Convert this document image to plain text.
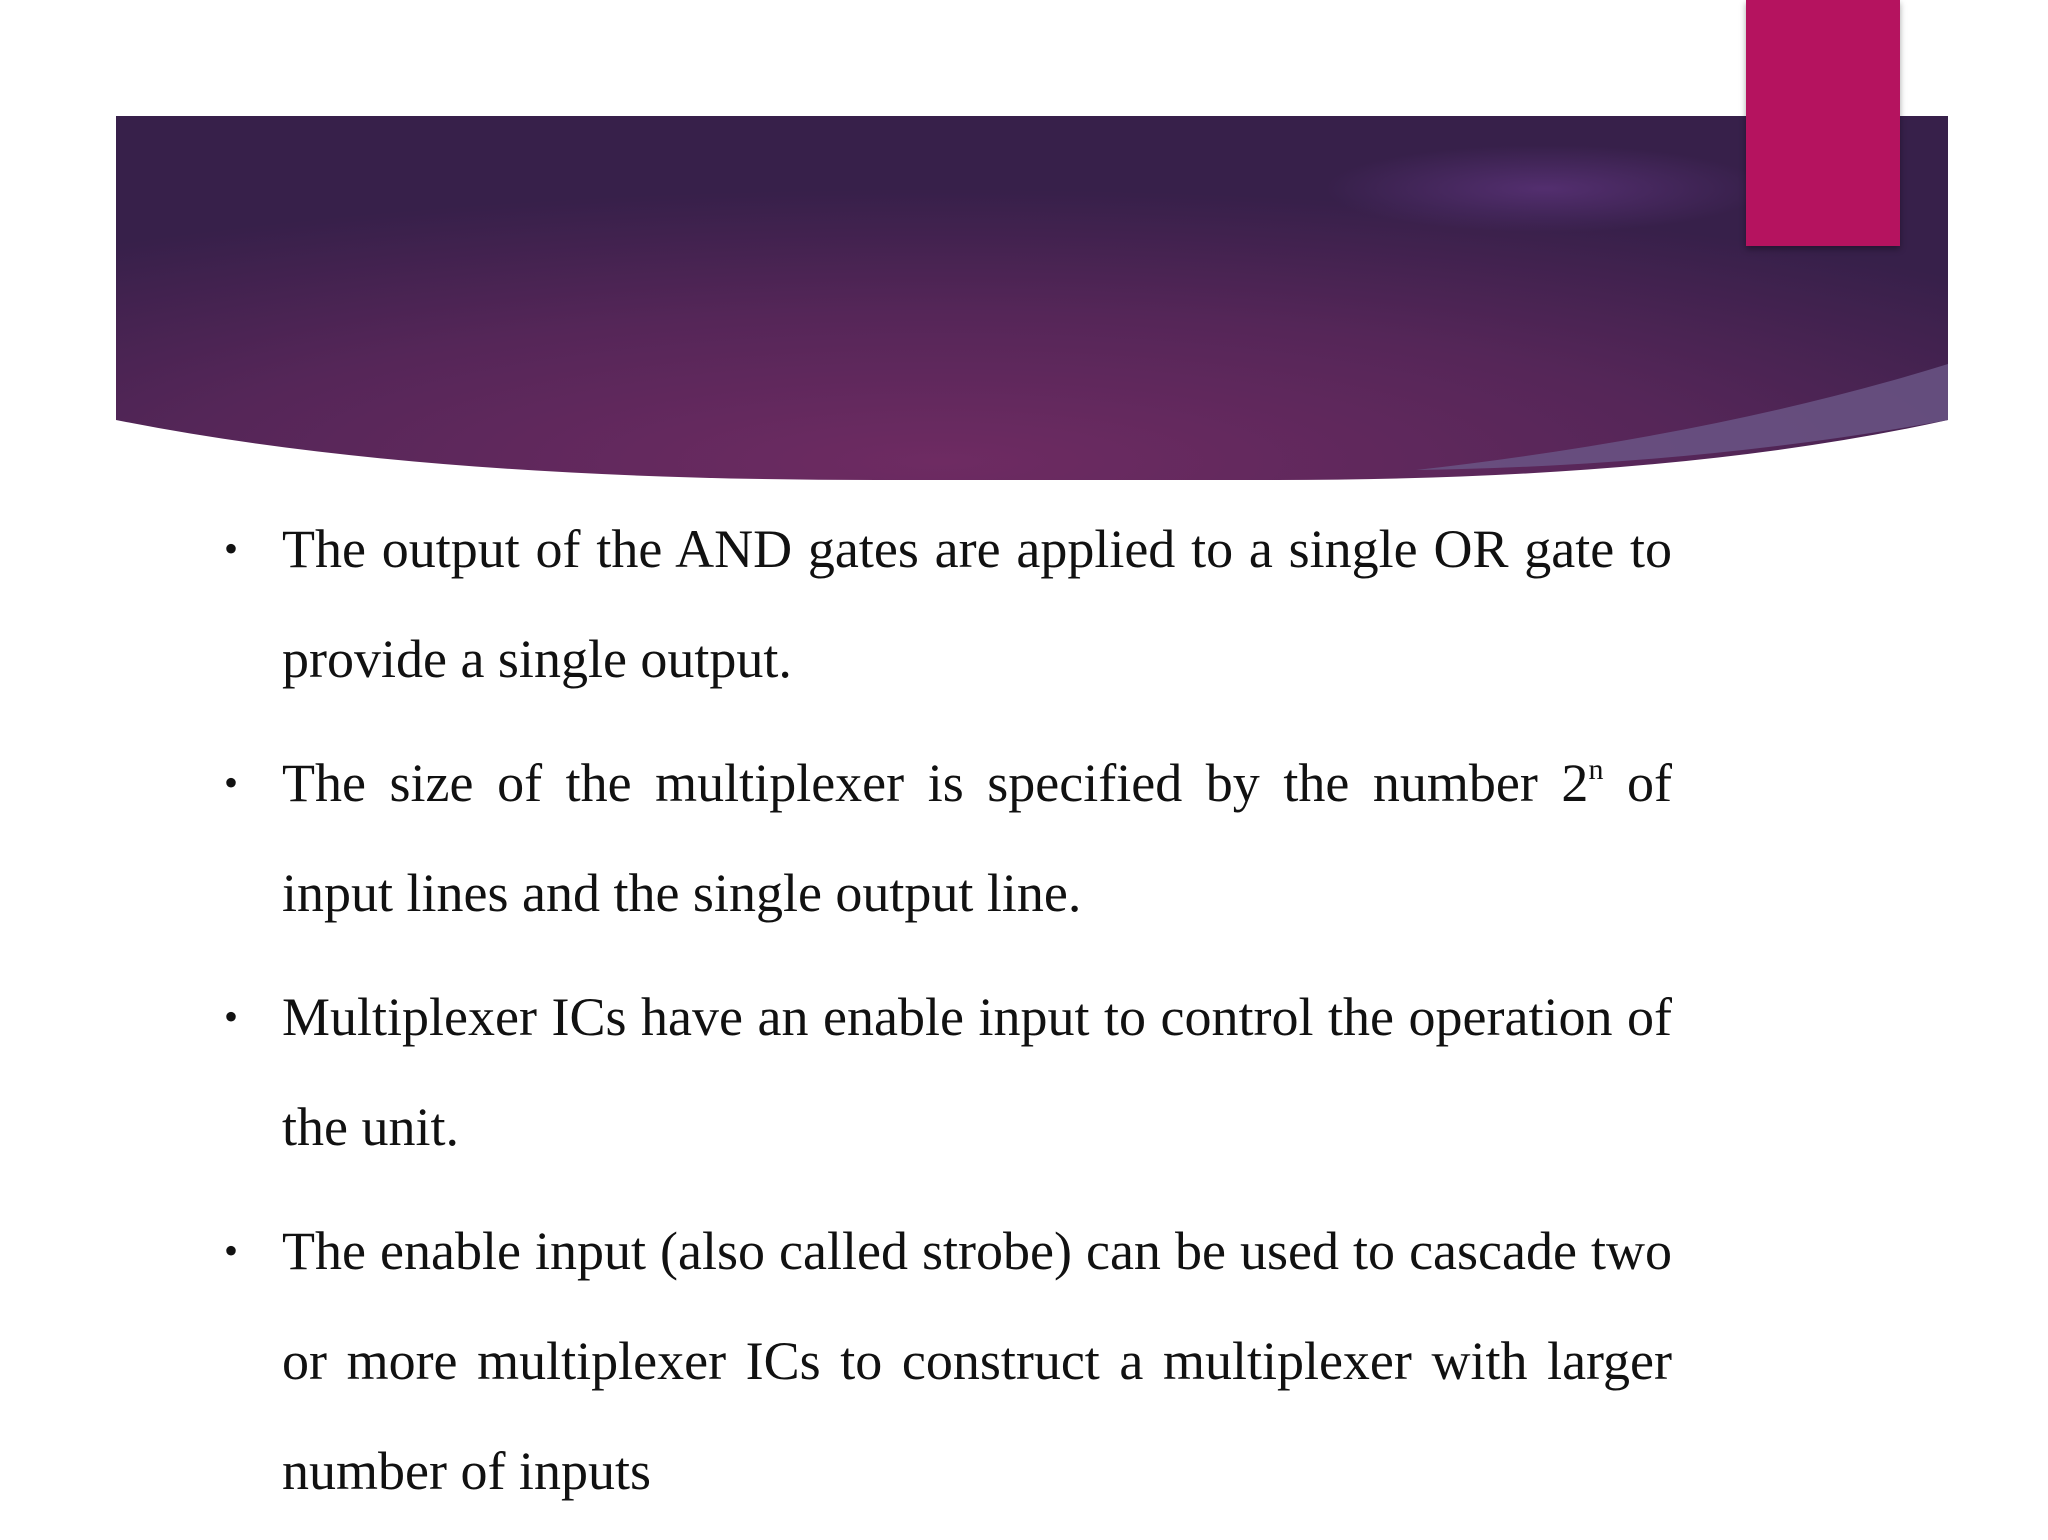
• The output of the AND gates are applied to a single OR gate to provide a single output.
• The size of the multiplexer is specified by the number 2$^n$ of input lines and the single output line.
• Multiplexer ICs have an enable input to control the operation of the unit.
• The enable input (also called strobe) can be used to cascade two or more multiplexer ICs to construct a multiplexer with larger number of inputs
